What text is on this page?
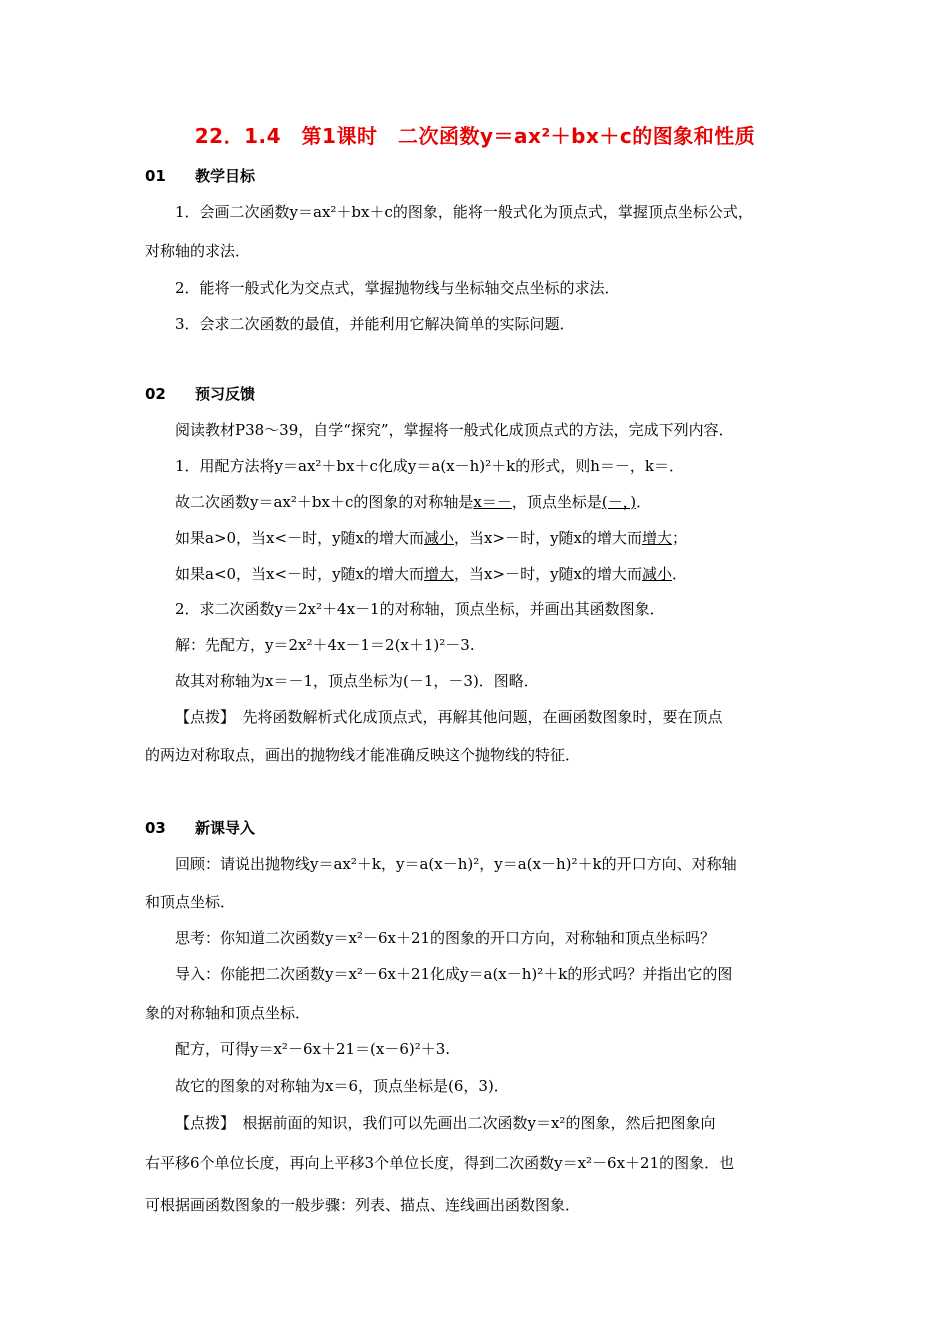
22．1.4　第1课时　二次函数y＝ax²＋bx＋c的图象和性质
01 教学目标
1．会画二次函数y＝ax²＋bx＋c的图象，能将一般式化为顶点式，掌握顶点坐标公式，
对称轴的求法．
2．能将一般式化为交点式，掌握抛物线与坐标轴交点坐标的求法．
3．会求二次函数的最值，并能利用它解决简单的实际问题．
02 预习反馈
阅读教材P38～39，自学“探究”，掌握将一般式化成顶点式的方法，完成下列内容．
1．用配方法将y＝ax²＋bx＋c化成y＝a(x－h)²＋k的形式，则h＝－，k＝．
故二次函数y＝ax²＋bx＋c的图象的对称轴是x＝－，顶点坐标是(－，)．
如果a>0，当x<－时，y随x的增大而减小，当x>－时，y随x的增大而增大；
如果a<0，当x<－时，y随x的增大而增大，当x>－时，y随x的增大而减小．
2．求二次函数y＝2x²＋4x－1的对称轴，顶点坐标，并画出其函数图象．
解：先配方，y＝2x²＋4x－1＝2(x＋1)²－3.
故其对称轴为x＝－1，顶点坐标为(－1，－3)．图略．
【点拨】　先将函数解析式化成顶点式，再解其他问题，在画函数图象时，要在顶点
的两边对称取点，画出的抛物线才能准确反映这个抛物线的特征．
03 新课导入
回顾：请说出抛物线y＝ax²＋k，y＝a(x－h)²，y＝a(x－h)²＋k的开口方向、对称轴
和顶点坐标．
思考：你知道二次函数y＝x²－6x＋21的图象的开口方向，对称轴和顶点坐标吗？
导入：你能把二次函数y＝x²－6x＋21化成y＝a(x－h)²＋k的形式吗？并指出它的图
象的对称轴和顶点坐标．
配方，可得y＝x²－6x＋21＝(x－6)²＋3.
故它的图象的对称轴为x＝6，顶点坐标是(6，3)．
【点拨】　根据前面的知识，我们可以先画出二次函数y＝x²的图象，然后把图象向
右平移6个单位长度，再向上平移3个单位长度，得到二次函数y＝x²－6x＋21的图象．也
可根据画函数图象的一般步骤：列表、描点、连线画出函数图象．
